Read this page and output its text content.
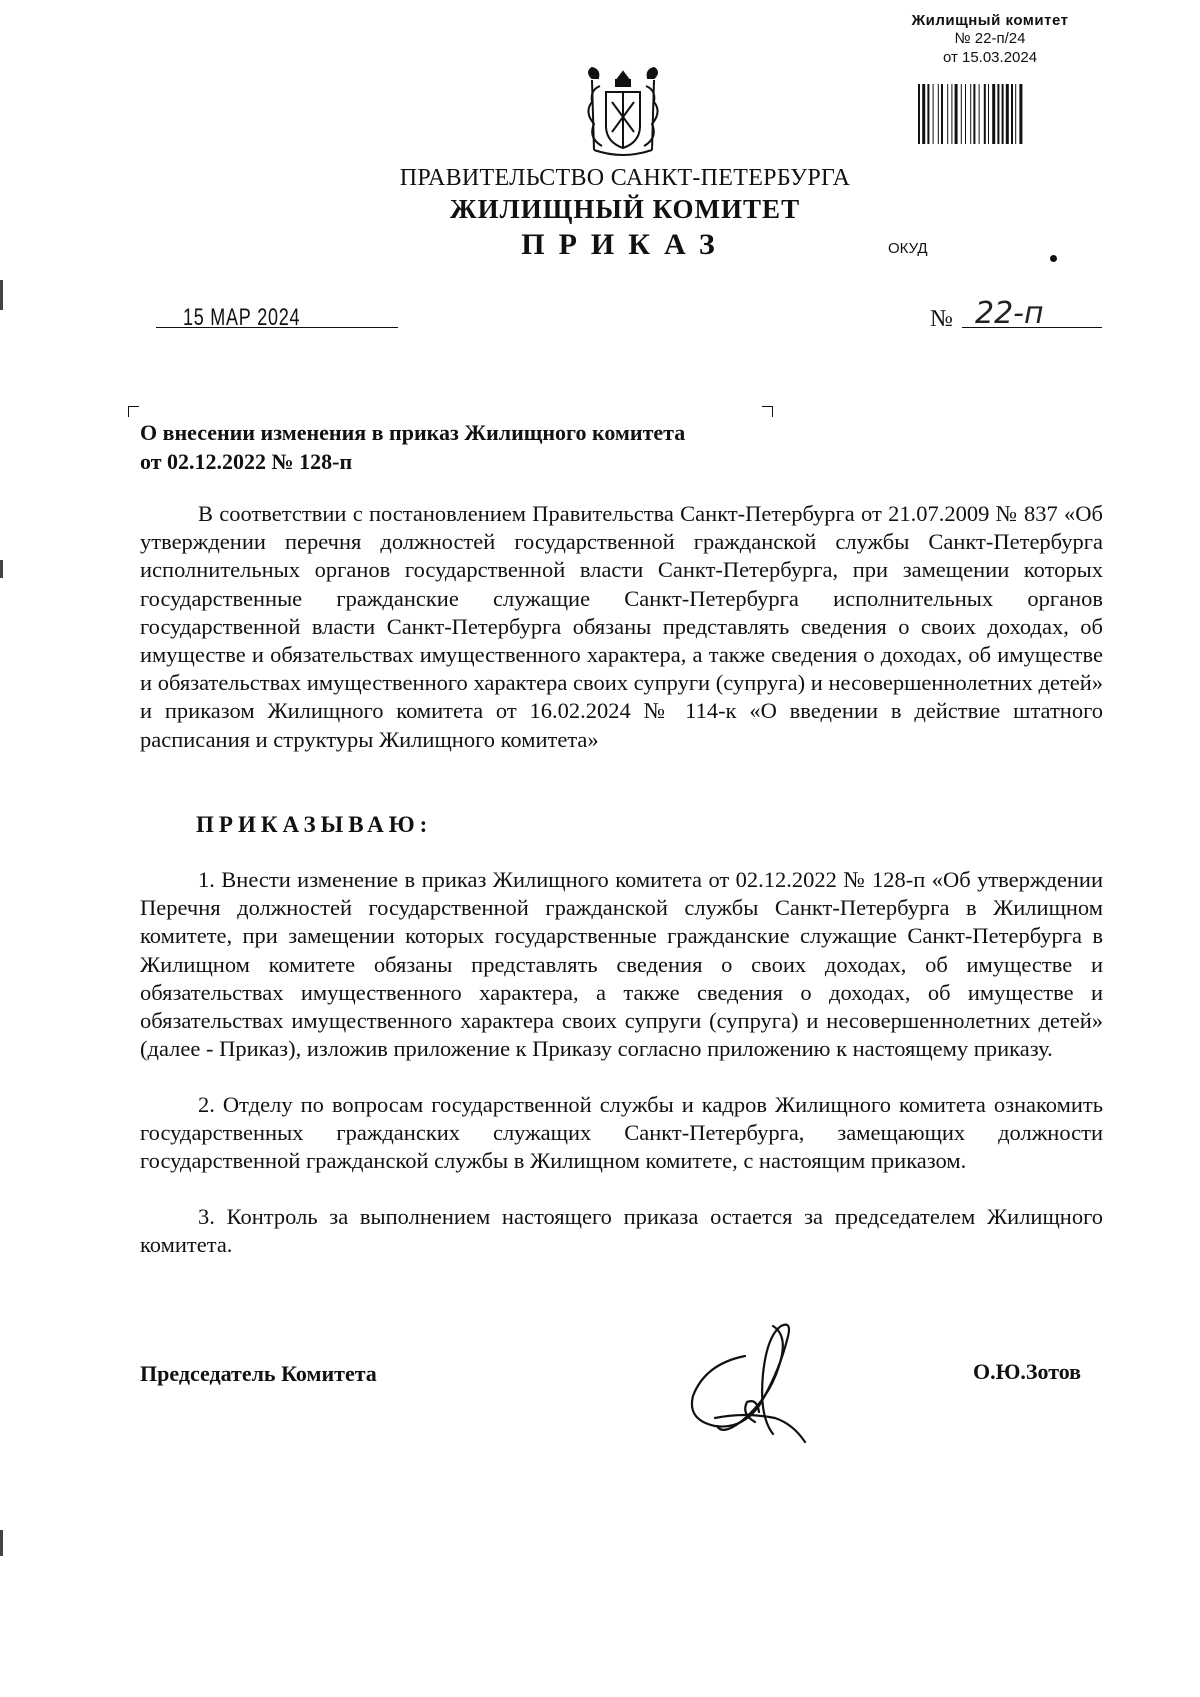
Жилищный комитет
№ 22-п/24
от 15.03.2024
ПРАВИТЕЛЬСТВО САНКТ-ПЕТЕРБУРГА
ЖИЛИЩНЫЙ КОМИТЕТ
ПРИКАЗ	ОКУД
15 МАР 2024	№ 22-п
О внесении изменения в приказ Жилищного комитета
от 02.12.2022 № 128-п
В соответствии с постановлением Правительства Санкт-Петербурга от 21.07.2009 № 837 «Об утверждении перечня должностей государственной гражданской службы Санкт-Петербурга исполнительных органов государственной власти Санкт-Петербурга, при замещении которых государственные гражданские служащие Санкт-Петербурга исполнительных органов государственной власти Санкт-Петербурга обязаны представлять сведения о своих доходах, об имуществе и обязательствах имущественного характера, а также сведения о доходах, об имуществе и обязательствах имущественного характера своих супруги (супруга) и несовершеннолетних детей» и приказом Жилищного комитета от 16.02.2024 № 114-к «О введении в действие штатного расписания и структуры Жилищного комитета»
ПРИКАЗЫВАЮ:
1. Внести изменение в приказ Жилищного комитета от 02.12.2022 № 128-п «Об утверждении Перечня должностей государственной гражданской службы Санкт-Петербурга в Жилищном комитете, при замещении которых государственные гражданские служащие Санкт-Петербурга в Жилищном комитете обязаны представлять сведения о своих доходах, об имуществе и обязательствах имущественного характера, а также сведения о доходах, об имуществе и обязательствах имущественного характера своих супруги (супруга) и несовершеннолетних детей» (далее - Приказ), изложив приложение к Приказу согласно приложению к настоящему приказу.
2. Отделу по вопросам государственной службы и кадров Жилищного комитета ознакомить государственных гражданских служащих Санкт-Петербурга, замещающих должности государственной гражданской службы в Жилищном комитете, с настоящим приказом.
3. Контроль за выполнением настоящего приказа остается за председателем Жилищного комитета.
Председатель Комитета	О.Ю.Зотов
